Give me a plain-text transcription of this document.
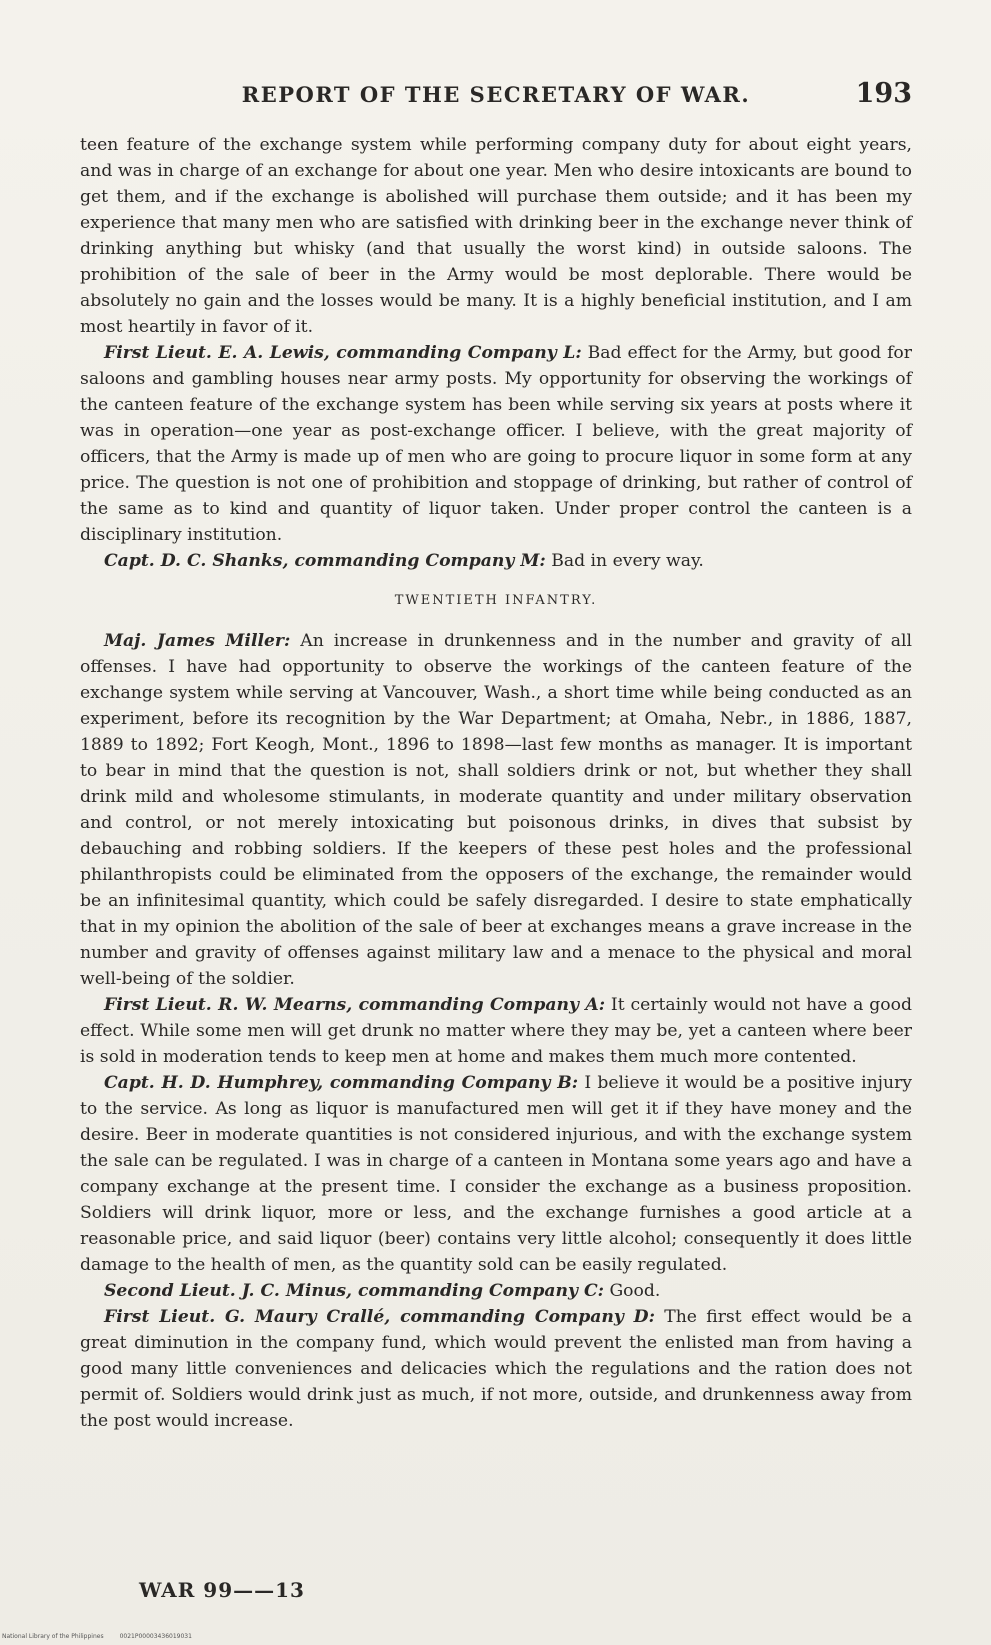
REPORT OF THE SECRETARY OF WAR.	193

teen feature of the exchange system while performing company duty for about eight years, and was in charge of an exchange for about one year. Men who desire intoxicants are bound to get them, and if the exchange is abolished will purchase them outside; and it has been my experience that many men who are satisfied with drinking beer in the exchange never think of drinking anything but whisky (and that usually the worst kind) in outside saloons. The prohibition of the sale of beer in the Army would be most deplorable. There would be absolutely no gain and the losses would be many. It is a highly beneficial institution, and I am most heartily in favor of it.

First Lieut. E. A. Lewis, commanding Company L: Bad effect for the Army, but good for saloons and gambling houses near army posts. My opportunity for observing the workings of the canteen feature of the exchange system has been while serving six years at posts where it was in operation—one year as post-exchange officer. I believe, with the great majority of officers, that the Army is made up of men who are going to procure liquor in some form at any price. The question is not one of prohibition and stoppage of drinking, but rather of control of the same as to kind and quantity of liquor taken. Under proper control the canteen is a disciplinary institution.

Capt. D. C. Shanks, commanding Company M: Bad in every way.

TWENTIETH INFANTRY.

Maj. James Miller: An increase in drunkenness and in the number and gravity of all offenses. I have had opportunity to observe the workings of the canteen feature of the exchange system while serving at Vancouver, Wash., a short time while being conducted as an experiment, before its recognition by the War Department; at Omaha, Nebr., in 1886, 1887, 1889 to 1892; Fort Keogh, Mont., 1896 to 1898—last few months as manager. It is important to bear in mind that the question is not, shall soldiers drink or not, but whether they shall drink mild and wholesome stimulants, in moderate quantity and under military observation and control, or not merely intoxicating but poisonous drinks, in dives that subsist by debauching and robbing soldiers. If the keepers of these pest holes and the professional philanthropists could be eliminated from the opposers of the exchange, the remainder would be an infinitesimal quantity, which could be safely disregarded. I desire to state emphatically that in my opinion the abolition of the sale of beer at exchanges means a grave increase in the number and gravity of offenses against military law and a menace to the physical and moral well-being of the soldier.

First Lieut. R. W. Mearns, commanding Company A: It certainly would not have a good effect. While some men will get drunk no matter where they may be, yet a canteen where beer is sold in moderation tends to keep men at home and makes them much more contented.

Capt. H. D. Humphrey, commanding Company B: I believe it would be a positive injury to the service. As long as liquor is manufactured men will get it if they have money and the desire. Beer in moderate quantities is not considered injurious, and with the exchange system the sale can be regulated. I was in charge of a canteen in Montana some years ago and have a company exchange at the present time. I consider the exchange as a business proposition. Soldiers will drink liquor, more or less, and the exchange furnishes a good article at a reasonable price, and said liquor (beer) contains very little alcohol; consequently it does little damage to the health of men, as the quantity sold can be easily regulated.

Second Lieut. J. C. Minus, commanding Company C: Good.

First Lieut. G. Maury Crallé, commanding Company D: The first effect would be a great diminution in the company fund, which would prevent the enlisted man from having a good many little conveniences and delicacies which the regulations and the ration does not permit of. Soldiers would drink just as much, if not more, outside, and drunkenness away from the post would increase.

WAR 99——13
National Library of the Philippines	0021P00003436019031
